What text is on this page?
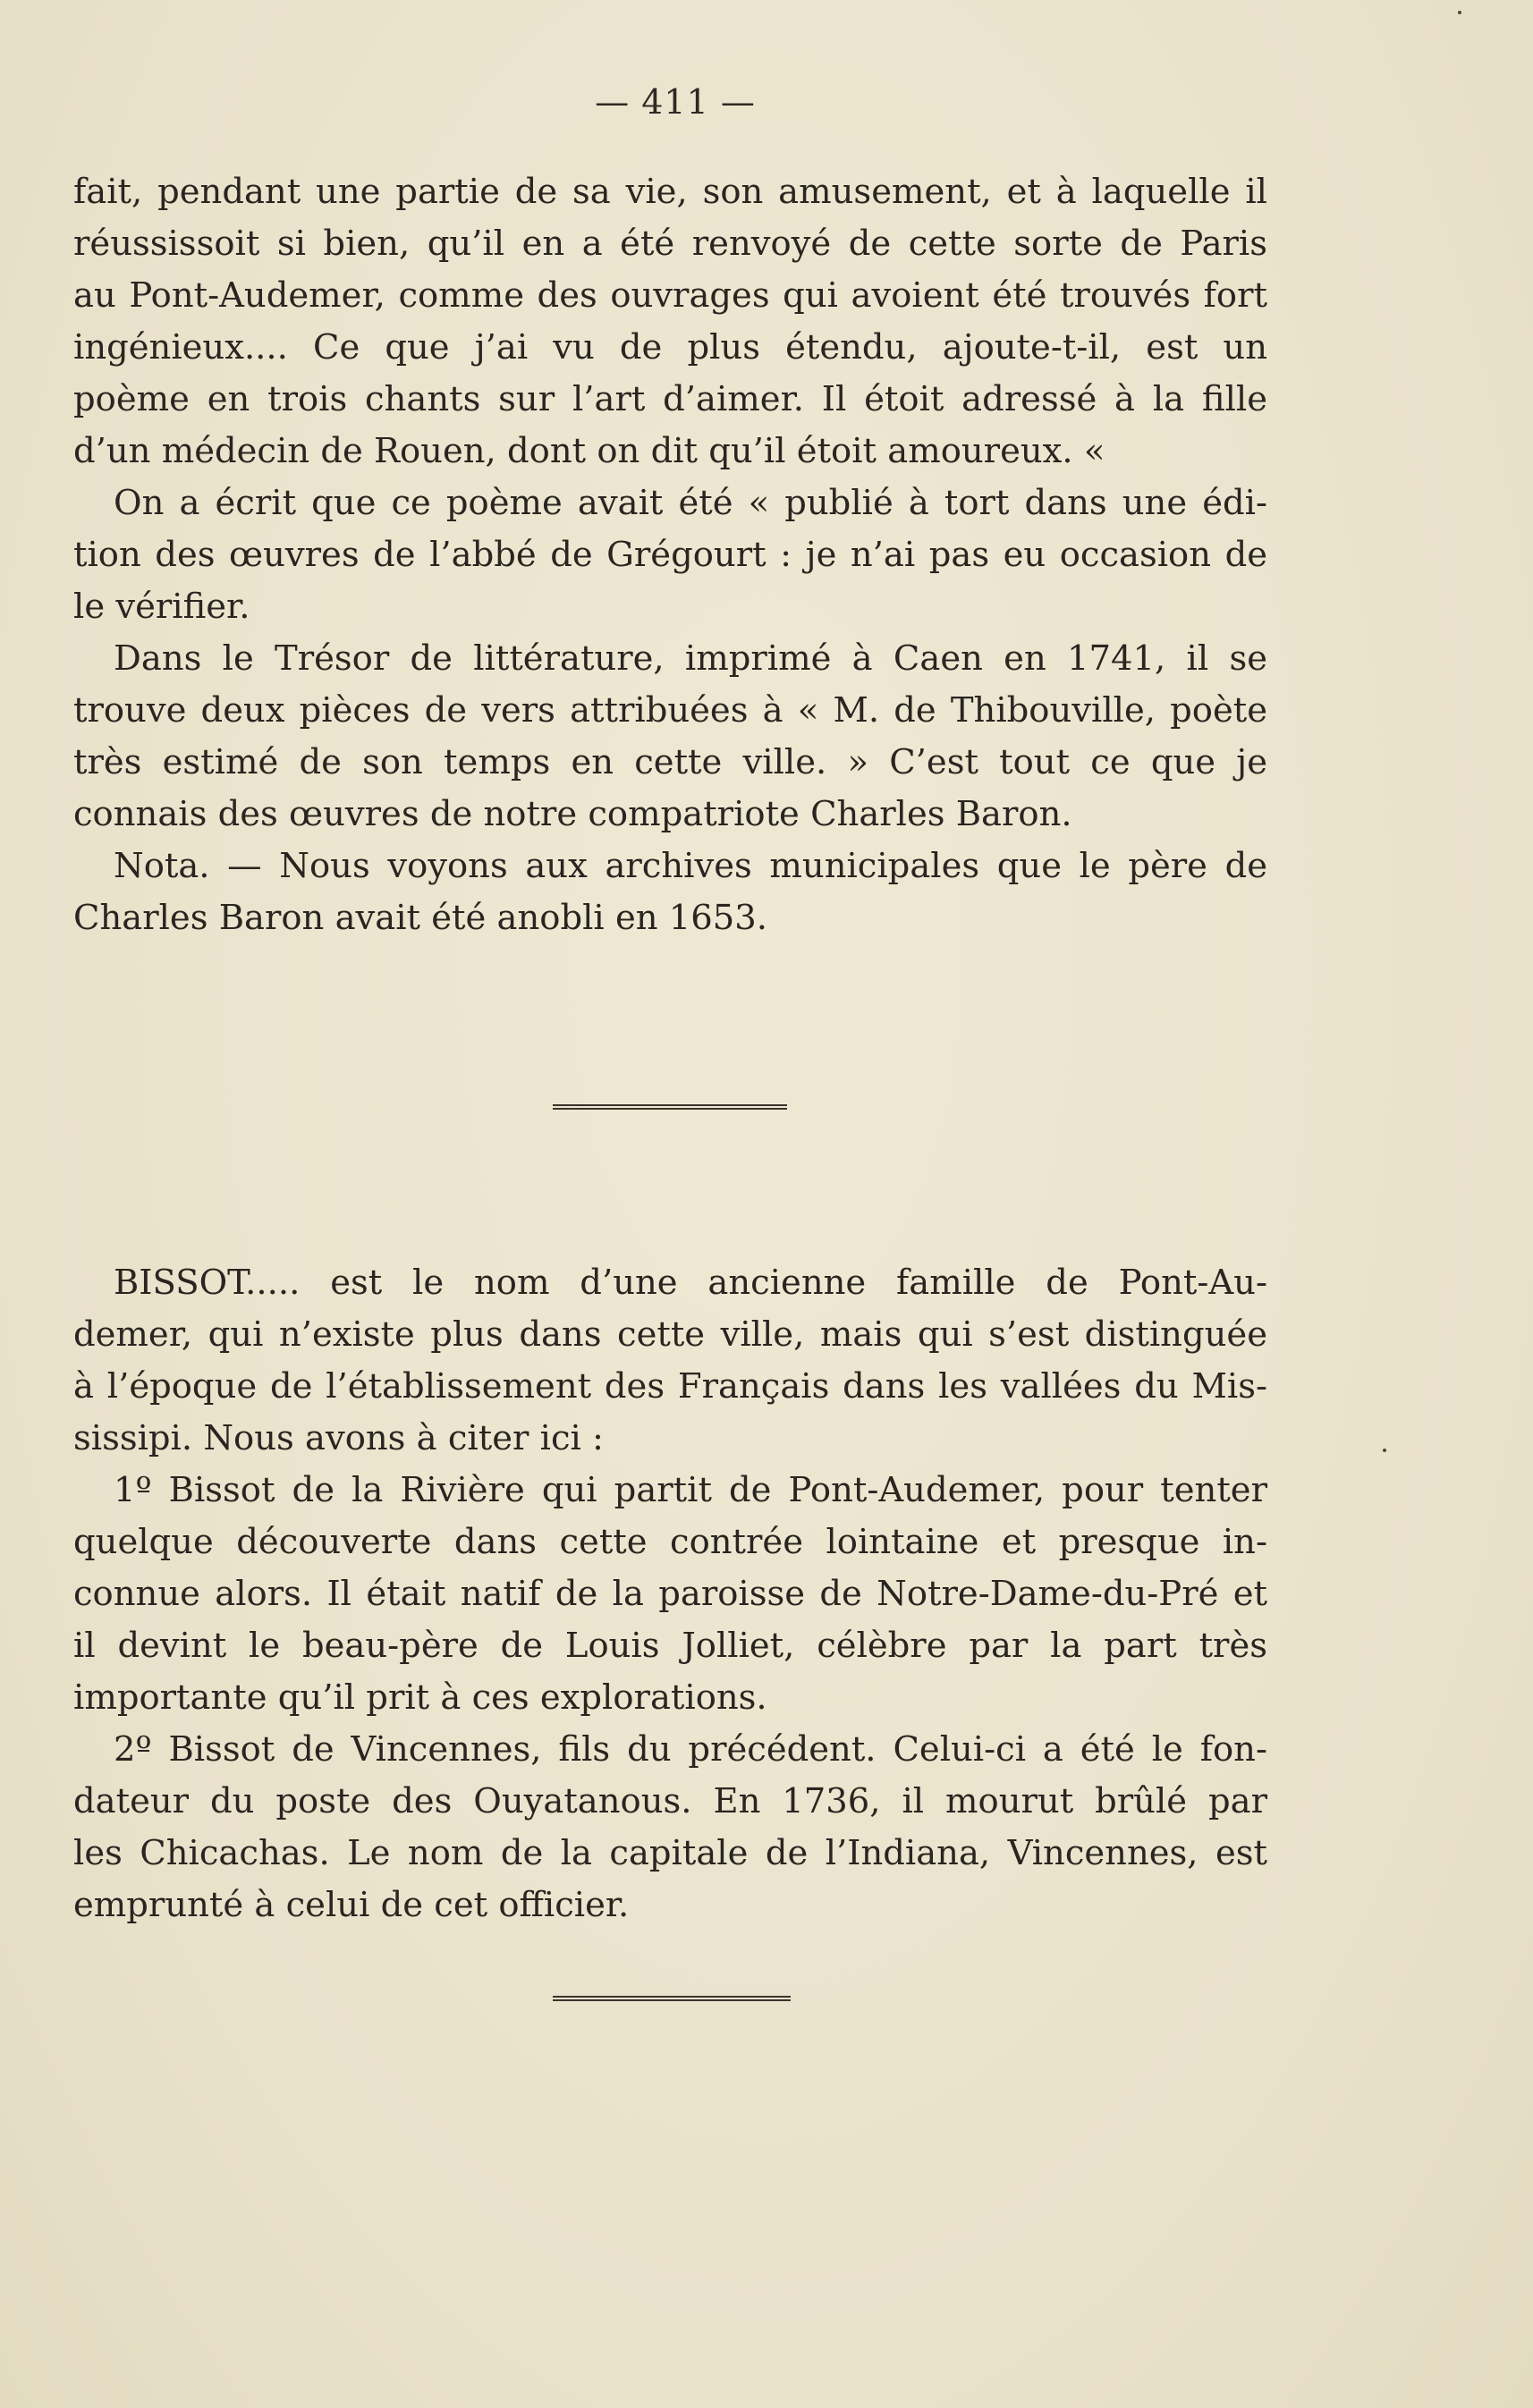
— 411 —

fait, pendant une partie de sa vie, son amusement, et à laquelle il
réussissoit si bien, qu’il en a été renvoyé de cette sorte de Paris
au Pont-Audemer, comme des ouvrages qui avoient été trouvés fort
ingénieux.... Ce que j’ai vu de plus étendu, ajoute-t-il, est un
poème en trois chants sur l’art d’aimer. Il étoit adressé à la fille
d’un médecin de Rouen, dont on dit qu’il étoit amoureux. «

On a écrit que ce poème avait été « publié à tort dans une édi-
tion des œuvres de l’abbé de Grégourt : je n’ai pas eu occasion de
le vérifier.

Dans le Trésor de littérature, imprimé à Caen en 1741, il se
trouve deux pièces de vers attribuées à « M. de Thibouville, poète
très estimé de son temps en cette ville. » C’est tout ce que je
connais des œuvres de notre compatriote Charles Baron.

Nota. — Nous voyons aux archives municipales que le père de
Charles Baron avait été anobli en 1653.

BISSOT..... est le nom d’une ancienne famille de Pont-Au-
demer, qui n’existe plus dans cette ville, mais qui s’est distinguée
à l’époque de l’établissement des Français dans les vallées du Mis-
sissipi. Nous avons à citer ici :

1º Bissot de la Rivière qui partit de Pont-Audemer, pour tenter
quelque découverte dans cette contrée lointaine et presque in-
connue alors. Il était natif de la paroisse de Notre-Dame-du-Pré et
il devint le beau-père de Louis Jolliet, célèbre par la part très
importante qu’il prit à ces explorations.

2º Bissot de Vincennes, fils du précédent. Celui-ci a été le fon-
dateur du poste des Ouyatanous. En 1736, il mourut brûlé par
les Chicachas. Le nom de la capitale de l’Indiana, Vincennes, est
emprunté à celui de cet officier.
